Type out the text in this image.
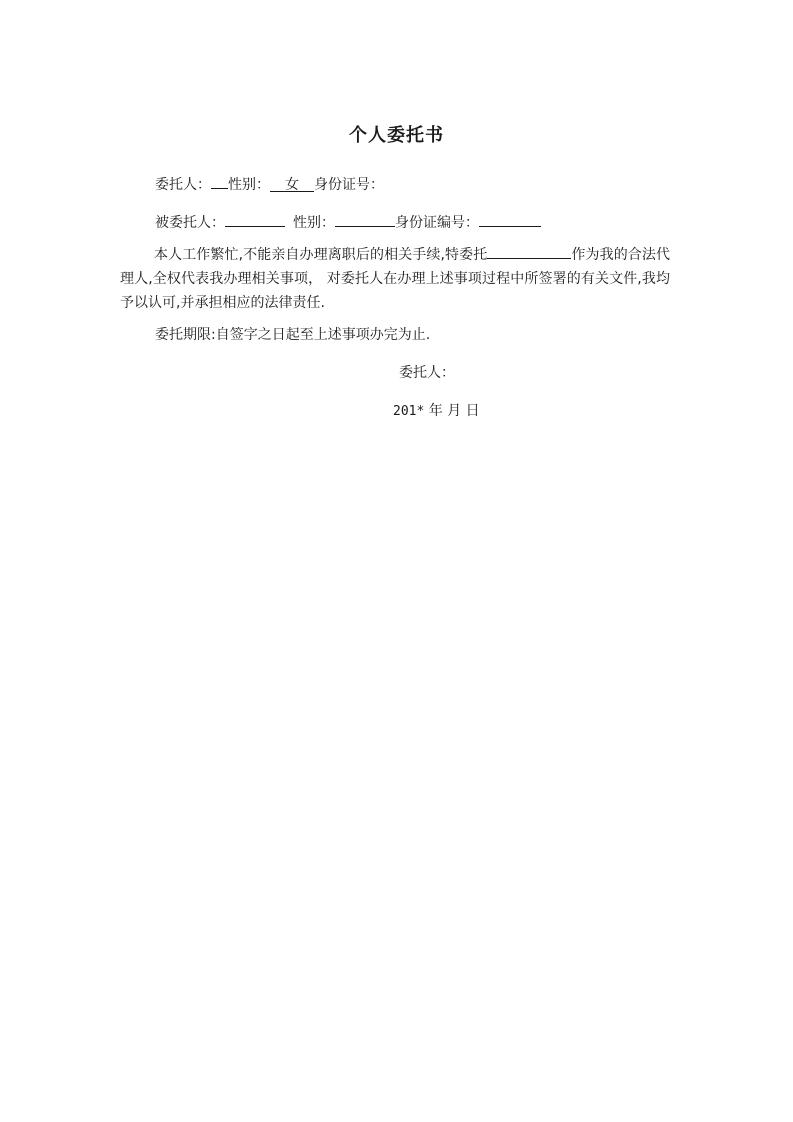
个人委托书
委托人： 性别： 女 身份证号：
被委托人：	性别：	身份证编号：
本人工作繁忙,不能亲自办理离职后的相关手续,特委托	作为我的合法代理人,全权代表我办理相关事项， 对委托人在办理上述事项过程中所签署的有关文件,我均予以认可,并承担相应的法律责任.
委托期限:自签字之日起至上述事项办完为止.
委托人：
201* 年 月 日
